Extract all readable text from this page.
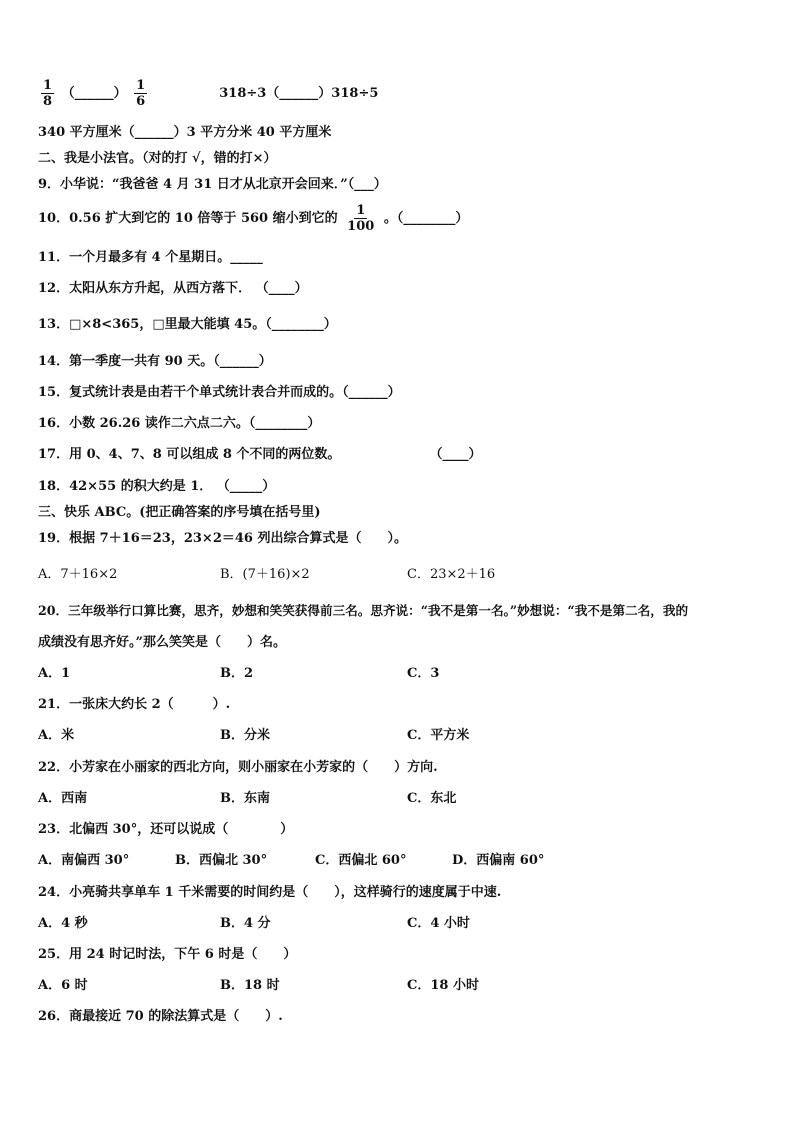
$\frac{1}{8}$ （______） $\frac{1}{6}$	318÷3（______）318÷5
340 平方厘米（______）3 平方分米 40 平方厘米
二、我是小法官。（对的打 √，错的打×）
9．小华说：“我爸爸 4 月 31 日才从北京开会回来．”（___）
10．0.56 扩大到它的 10 倍等于 560 缩小到它的 $\frac{1}{100}$ 。（________）
11．一个月最多有 4 个星期日。_____
12．太阳从东方升起，从西方落下． （____）
13．□×8<365，□里最大能填 45。（________）
14．第一季度一共有 90 天。（______）
15．复式统计表是由若干个单式统计表合并而成的。（______）
16．小数 26.26 读作二六点二六。（________）
17．用 0、4、7、8 可以组成 8 个不同的两位数。	（____）
18．42×55 的积大约是 1． （_____）
三、快乐 ABC。(把正确答案的序号填在括号里)
19．根据 7＋16＝23，23×2＝46 列出综合算式是（　　）。
A．7＋16×2	B．(7＋16)×2	C．23×2＋16
20．三年级举行口算比赛，思齐，妙想和笑笑获得前三名。思齐说：“我不是第一名。”妙想说：“我不是第二名，我的
成绩没有思齐好。”那么笑笑是（　　）名。
A．1	B．2	C．3
21．一张床大约长 2（　　　）.
A．米	B．分米	C．平方米
22．小芳家在小丽家的西北方向，则小丽家在小芳家的（　　）方向.
A．西南	B．东南	C．东北
23．北偏西 30°，还可以说成（　　　　）
A．南偏西 30°	B．西偏北 30°	C．西偏北 60°	D．西偏南 60°
24．小亮骑共享单车 1 千米需要的时间约是（　　），这样骑行的速度属于中速.
A．4 秒	B．4 分	C．4 小时
25．用 24 时记时法，下午 6 时是（　　）
A．6 时	B．18 时	C．18 小时
26．商最接近 70 的除法算式是（　　）.
